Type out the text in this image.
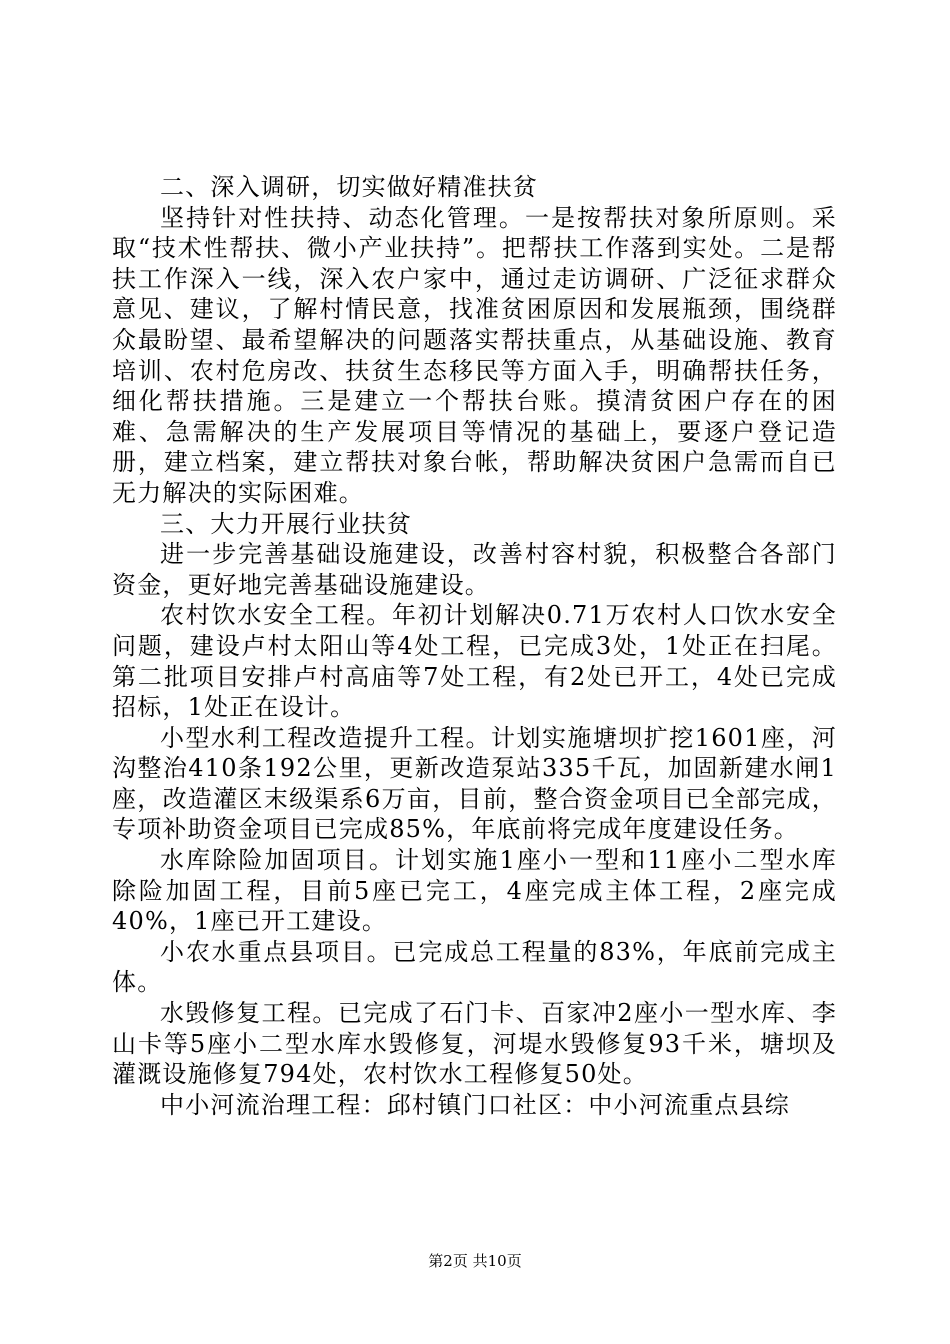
二、深入调研，切实做好精准扶贫

坚持针对性扶持、动态化管理。一是按帮扶对象所原则。采取“技术性帮扶、微小产业扶持”。把帮扶工作落到实处。二是帮扶工作深入一线，深入农户家中，通过走访调研、广泛征求群众意见、建议，了解村情民意，找准贫困原因和发展瓶颈，围绕群众最盼望、最希望解决的问题落实帮扶重点，从基础设施、教育培训、农村危房改、扶贫生态移民等方面入手，明确帮扶任务，细化帮扶措施。三是建立一个帮扶台账。摸清贫困户存在的困难、急需解决的生产发展项目等情况的基础上，要逐户登记造册，建立档案，建立帮扶对象台帐，帮助解决贫困户急需而自已无力解决的实际困难。

三、大力开展行业扶贫

进一步完善基础设施建设，改善村容村貌，积极整合各部门资金，更好地完善基础设施建设。

农村饮水安全工程。年初计划解决0.71万农村人口饮水安全问题，建设卢村太阳山等4处工程，已完成3处，1处正在扫尾。第二批项目安排卢村高庙等7处工程，有2处已开工，4处已完成招标，1处正在设计。

小型水利工程改造提升工程。计划实施塘坝扩挖1601座，河沟整治410条192公里，更新改造泵站335千瓦，加固新建水闸1座，改造灌区末级渠系6万亩，目前，整合资金项目已全部完成，专项补助资金项目已完成85%，年底前将完成年度建设任务。

水库除险加固项目。计划实施1座小一型和11座小二型水库除险加固工程，目前5座已完工，4座完成主体工程，2座完成40%，1座已开工建设。

小农水重点县项目。已完成总工程量的83%，年底前完成主体。

水毁修复工程。已完成了石门卡、百家冲2座小一型水库、李山卡等5座小二型水库水毁修复，河堤水毁修复93千米，塘坝及灌溉设施修复794处，农村饮水工程修复50处。

中小河流治理工程：邱村镇门口社区：中小河流重点县综

第2页 共10页
